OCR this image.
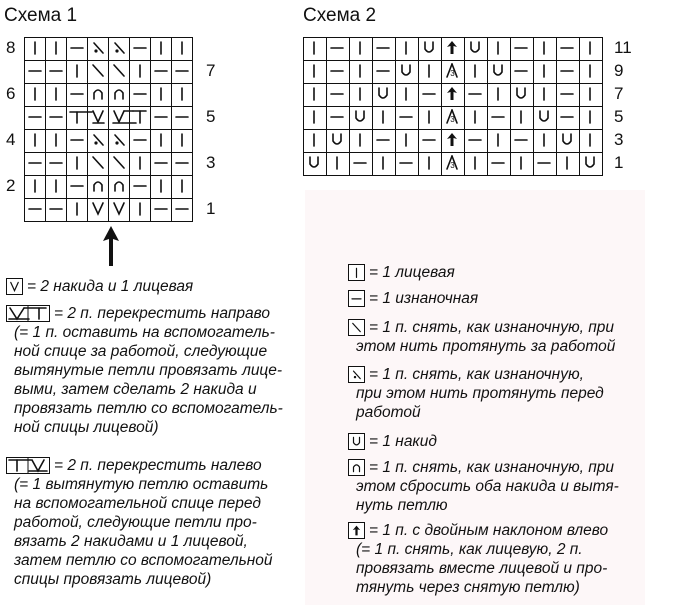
Схема 1
8
7
6
5
4
3
2
1
Схема 2
3
3
3
11
9
7
5
3
1
= 2 накида и 1 лицевая
= 2 п. перекрестить направо
(= 1 п. оставить на вспомогатель-
ной спице за работой, следующие
вытянутые петли провязать лице-
выми, затем сделать 2 накида и
провязать петлю со вспомогатель-
ной спицы лицевой)
= 2 п. перекрестить налево
(= 1 вытянутую петлю оставить
на вспомогательной спице перед
работой, следующие петли про-
вязать 2 накидами и 1 лицевой,
затем петлю со вспомогательной
спицы провязать лицевой)
= 1 лицевая
= 1 изнаночная
= 1 п. снять, как изнаночную, при
этом нить протянуть за работой
= 1 п. снять, как изнаночную,
при этом нить протянуть перед
работой
= 1 накид
= 1 п. снять, как изнаночную, при
этом сбросить оба накида и вытя-
нуть петлю
= 1 п. с двойным наклоном влево
(= 1 п. снять, как лицевую, 2 п.
провязать вместе лицевой и про-
тянуть через снятую петлю)
